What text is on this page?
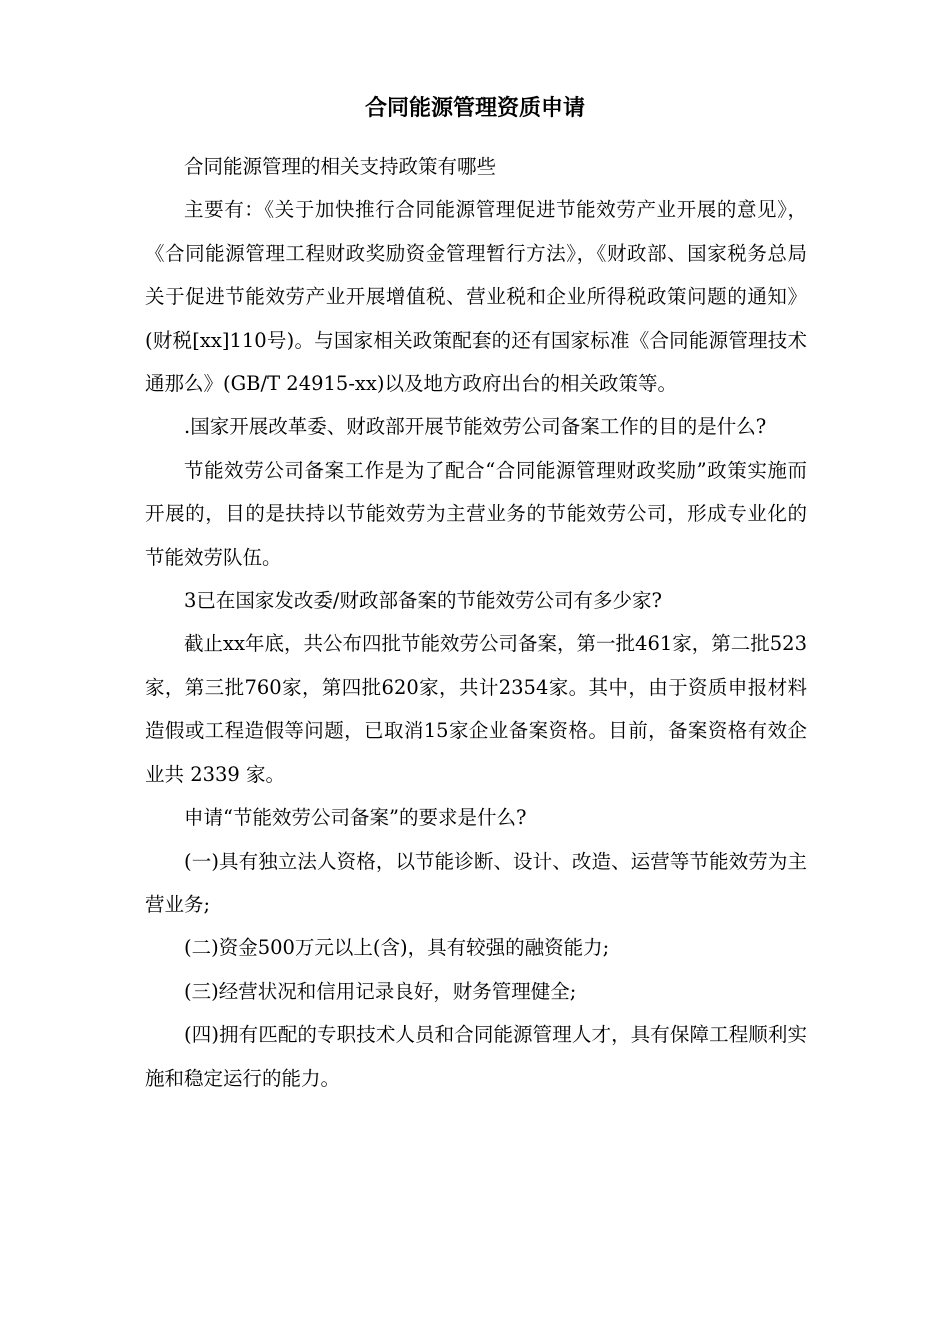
合同能源管理资质申请

合同能源管理的相关支持政策有哪些

主要有：《关于加快推行合同能源管理促进节能效劳产业开展的意见》，《合同能源管理工程财政奖励资金管理暂行方法》，《财政部、国家税务总局关于促进节能效劳产业开展增值税、营业税和企业所得税政策问题的通知》(财税[xx]110号)。与国家相关政策配套的还有国家标准《合同能源管理技术通那么》(GB/T 24915-xx)以及地方政府出台的相关政策等。

.国家开展改革委、财政部开展节能效劳公司备案工作的目的是什么?

节能效劳公司备案工作是为了配合“合同能源管理财政奖励”政策实施而开展的，目的是扶持以节能效劳为主营业务的节能效劳公司，形成专业化的节能效劳队伍。

3已在国家发改委/财政部备案的节能效劳公司有多少家?

截止xx年底，共公布四批节能效劳公司备案，第一批461家，第二批523家，第三批760家，第四批620家，共计2354家。其中，由于资质申报材料造假或工程造假等问题，已取消15家企业备案资格。目前，备案资格有效企业共 2339 家。

申请“节能效劳公司备案”的要求是什么?

(一)具有独立法人资格，以节能诊断、设计、改造、运营等节能效劳为主营业务;

(二)资金500万元以上(含)，具有较强的融资能力;

(三)经营状况和信用记录良好，财务管理健全;

(四)拥有匹配的专职技术人员和合同能源管理人才，具有保障工程顺利实施和稳定运行的能力。
